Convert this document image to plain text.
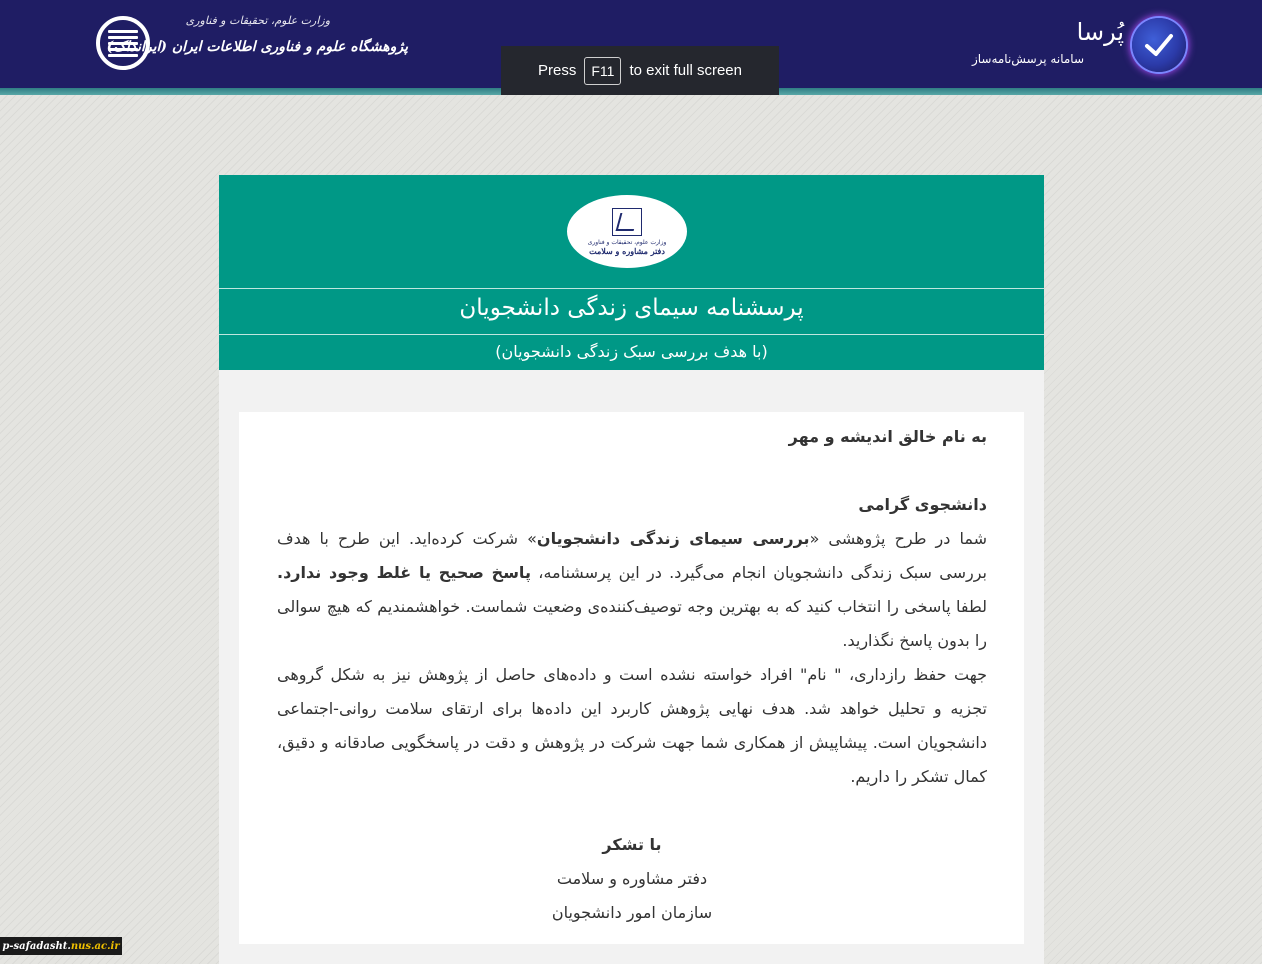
وزارت علوم، تحقیقات و فناوری
پژوهشگاه علوم و فناوری اطلاعات ایران (ایرانداک)
پُرسا
سامانه پرسش‌نامه‌ساز
Press	F11	to exit full screen
وزارت علوم، تحقیقات و فناوری
دفتر مشاوره و سلامت
پرسشنامه سیمای زندگی دانشجویان
(با هدف بررسی سبک زندگی دانشجویان)
به نام خالق اندیشه و مهر
دانشجوی گرامی
شما در طرح پژوهشی «بررسی سیمای زندگی دانشجویان» شرکت کرده‌اید. این طرح با هدف بررسی سبک زندگی دانشجویان انجام می‌گیرد. در این پرسشنامه، پاسخ صحیح یا غلط وجود ندارد. لطفا پاسخی را انتخاب کنید که به بهترین وجه توصیف‌کننده‌ی وضعیت شماست. خواهشمندیم که هیچ سوالی را بدون پاسخ نگذارید.
جهت حفظ رازداری، " نام" افراد خواسته نشده است و داده‌های حاصل از پژوهش نیز به شکل گروهی تجزیه و تحلیل خواهد شد. هدف نهایی پژوهش کاربرد این داده‌ها برای ارتقای سلامت روانی-اجتماعی دانشجویان است. پیشاپیش از همکاری شما جهت شرکت در پژوهش و دقت در پاسخگویی صادقانه و دقیق، کمال تشکر را داریم.
با تشکر
دفتر مشاوره و سلامت
سازمان امور دانشجویان
p-safadasht. nus.ac.ir
